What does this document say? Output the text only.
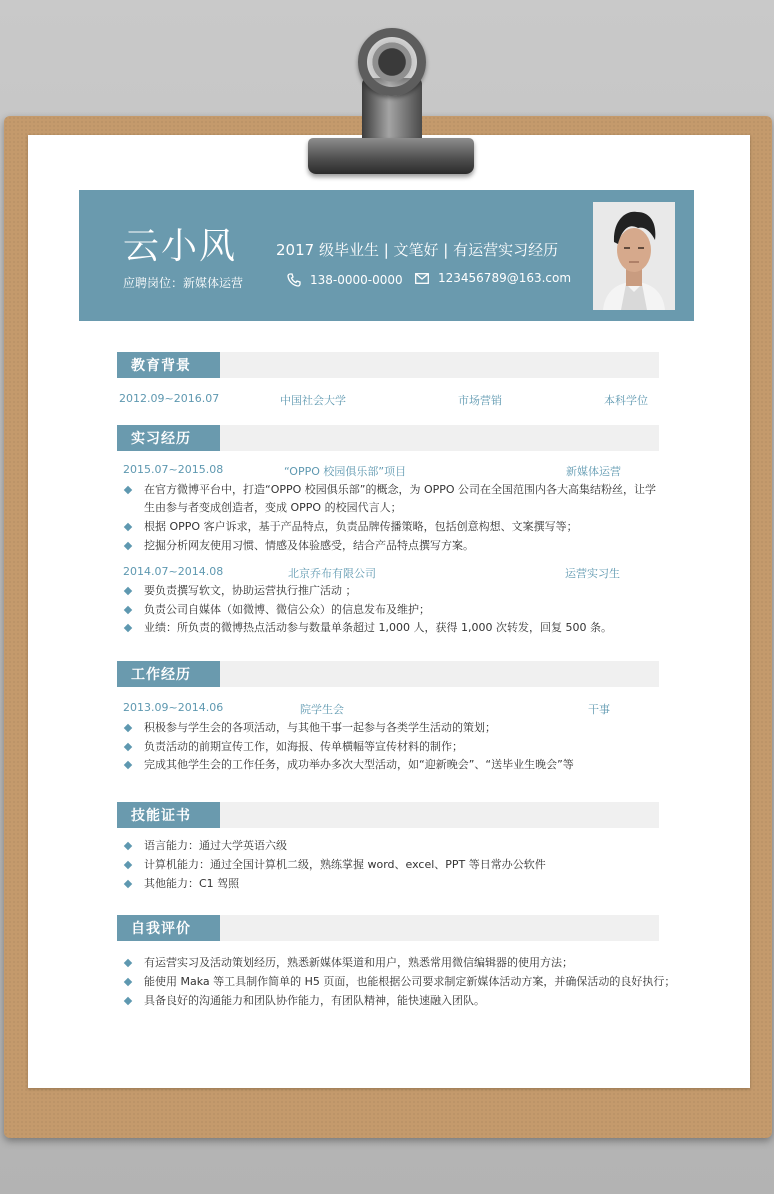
云小风	2017 级毕业生 | 文笔好 | 有运营实习经历
应聘岗位：新媒体运营	138-0000-0000	123456789@163.com
教育背景
2012.09~2016.07	中国社会大学	市场营销	本科学位
实习经历
2015.07~2015.08	“OPPO 校园俱乐部”项目	新媒体运营
在官方微博平台中，打造“OPPO 校园俱乐部”的概念，为 OPPO 公司在全国范围内各大高集结粉丝，让学
生由参与者变成创造者，变成 OPPO 的校园代言人；
根据 OPPO 客户诉求，基于产品特点，负责品牌传播策略，包括创意构想、文案撰写等；
挖掘分析网友使用习惯、情感及体验感受，结合产品特点撰写方案。
2014.07~2014.08	北京乔布有限公司	运营实习生
要负责撰写软文，协助运营执行推广活动 ；
负责公司自媒体（如微博、微信公众）的信息发布及维护；
业绩：所负责的微博热点活动参与数量单条超过 1,000 人，获得 1,000 次转发，回复 500 条。
工作经历
2013.09~2014.06	院学生会	干事
积极参与学生会的各项活动，与其他干事一起参与各类学生活动的策划；
负责活动的前期宣传工作，如海报、传单横幅等宣传材料的制作；
完成其他学生会的工作任务，成功举办多次大型活动，如“迎新晚会”、“送毕业生晚会”等
技能证书
语言能力：通过大学英语六级
计算机能力：通过全国计算机二级，熟练掌握 word、excel、PPT 等日常办公软件
其他能力：C1 驾照
自我评价
有运营实习及活动策划经历，熟悉新媒体渠道和用户，熟悉常用微信编辑器的使用方法；
能使用 Maka 等工具制作简单的 H5 页面，也能根据公司要求制定新媒体活动方案，并确保活动的良好执行；
具备良好的沟通能力和团队协作能力，有团队精神，能快速融入团队。
